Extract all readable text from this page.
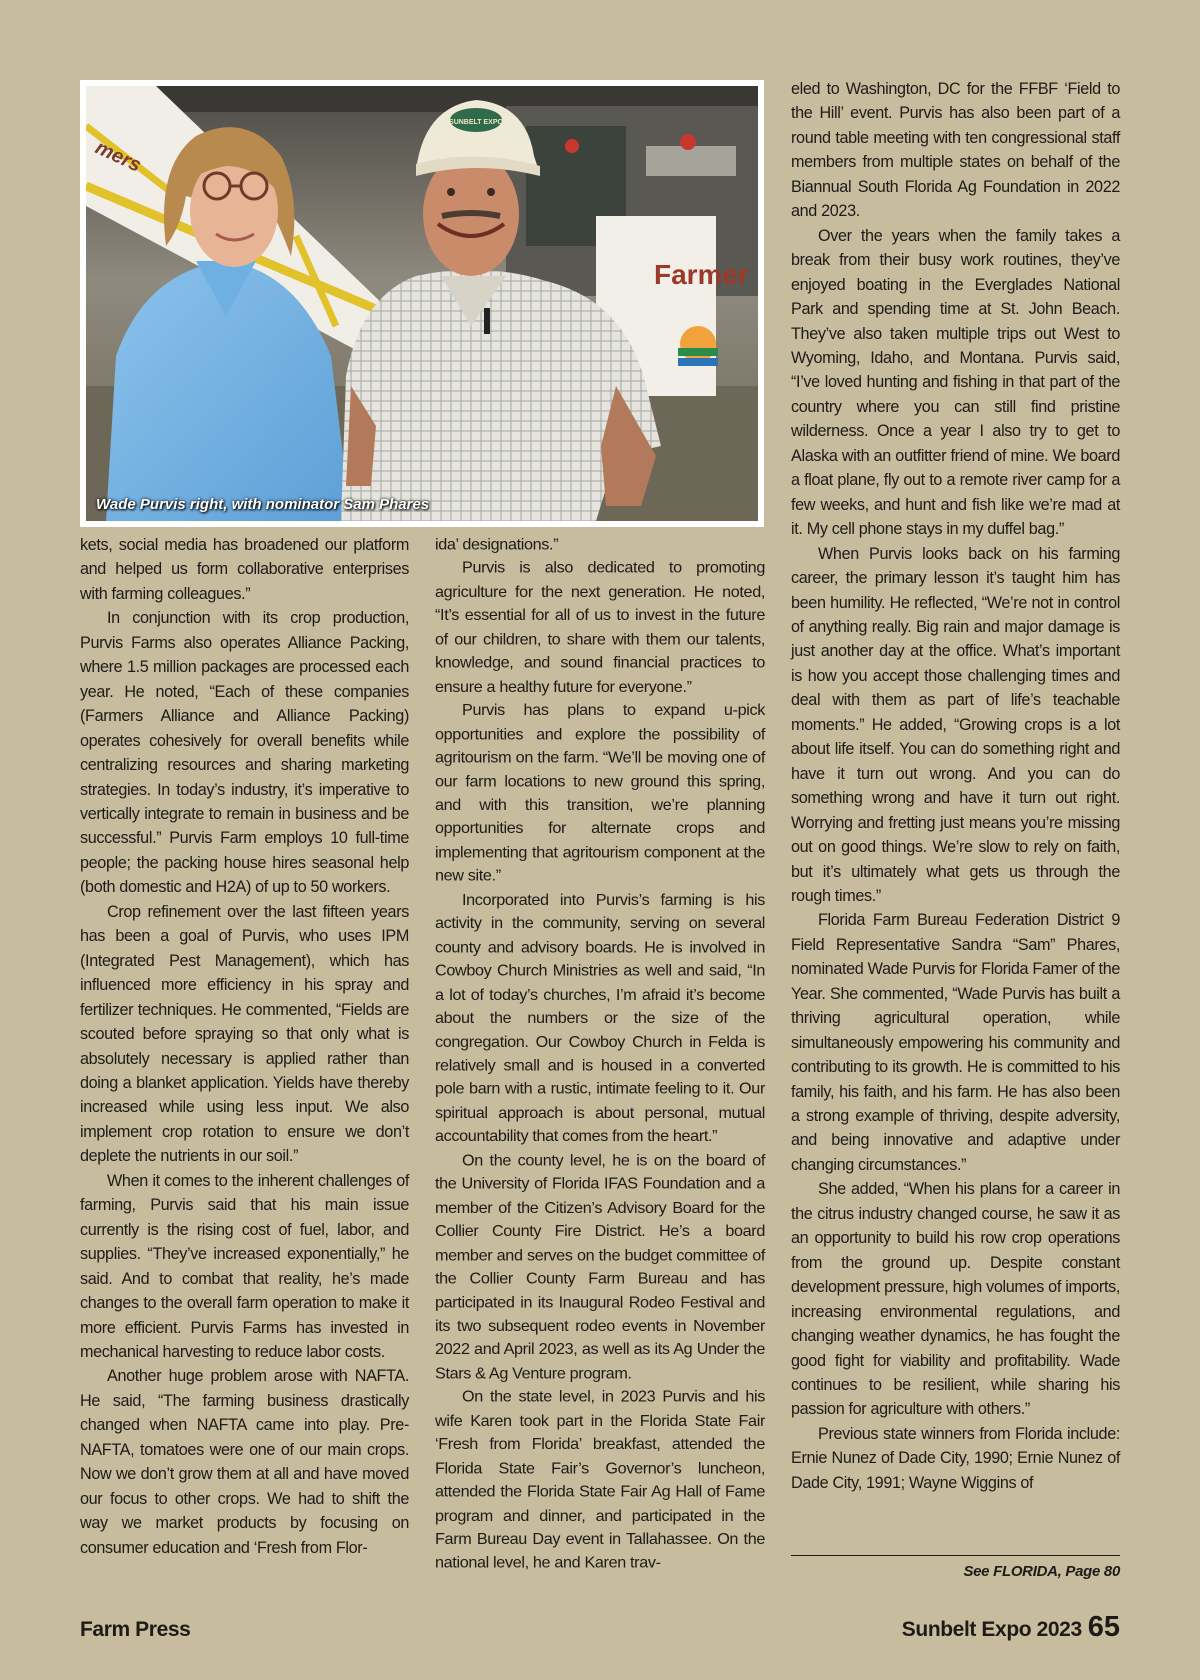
mers
Farmer
SUNBELT EXPO
Wade Purvis right, with nominator Sam Phares

kets, social media has broadened our platform and helped us form collaborative enterprises with farming colleagues.”

In conjunction with its crop production, Purvis Farms also operates Alliance Packing, where 1.5 million packages are processed each year. He noted, “Each of these companies (Farmers Alliance and Alliance Packing) operates cohesively for overall benefits while centralizing resources and sharing marketing strategies. In today’s industry, it’s imperative to vertically integrate to remain in business and be successful.” Purvis Farm employs 10 full-time people; the packing house hires seasonal help (both domestic and H2A) of up to 50 workers.

Crop refinement over the last fifteen years has been a goal of Purvis, who uses IPM (Integrated Pest Management), which has influenced more efficiency in his spray and fertilizer techniques. He commented, “Fields are scouted before spraying so that only what is absolutely necessary is applied rather than doing a blanket application. Yields have thereby increased while using less input. We also implement crop rotation to ensure we don’t deplete the nutrients in our soil.”

When it comes to the inherent challenges of farming, Purvis said that his main issue currently is the rising cost of fuel, labor, and supplies. “They’ve increased exponentially,” he said. And to combat that reality, he’s made changes to the overall farm operation to make it more efficient. Purvis Farms has invested in mechanical harvesting to reduce labor costs.

Another huge problem arose with NAFTA. He said, “The farming business drastically changed when NAFTA came into play. Pre-NAFTA, tomatoes were one of our main crops. Now we don’t grow them at all and have moved our focus to other crops. We had to shift the way we market products by focusing on consumer education and ‘Fresh from Flor-

ida’ designations.”

Purvis is also dedicated to promoting agriculture for the next generation. He noted, “It’s essential for all of us to invest in the future of our children, to share with them our talents, knowledge, and sound financial practices to ensure a healthy future for everyone.”

Purvis has plans to expand u-pick opportunities and explore the possibility of agritourism on the farm. “We’ll be moving one of our farm locations to new ground this spring, and with this transition, we’re planning opportunities for alternate crops and implementing that agritourism component at the new site.”

Incorporated into Purvis’s farming is his activity in the community, serving on several county and advisory boards. He is involved in Cowboy Church Ministries as well and said, “In a lot of today’s churches, I’m afraid it’s become about the numbers or the size of the congregation. Our Cowboy Church in Felda is relatively small and is housed in a converted pole barn with a rustic, intimate feeling to it. Our spiritual approach is about personal, mutual accountability that comes from the heart.”

On the county level, he is on the board of the University of Florida IFAS Foundation and a member of the Citizen’s Advisory Board for the Collier County Fire District. He’s a board member and serves on the budget committee of the Collier County Farm Bureau and has participated in its Inaugural Rodeo Festival and its two subsequent rodeo events in November 2022 and April 2023, as well as its Ag Under the Stars & Ag Venture program.

On the state level, in 2023 Purvis and his wife Karen took part in the Florida State Fair ‘Fresh from Florida’ breakfast, attended the Florida State Fair’s Governor’s luncheon, attended the Florida State Fair Ag Hall of Fame program and dinner, and participated in the Farm Bureau Day event in Tallahassee. On the national level, he and Karen trav-

eled to Washington, DC for the FFBF ‘Field to the Hill’ event. Purvis has also been part of a round table meeting with ten congressional staff members from multiple states on behalf of the Biannual South Florida Ag Foundation in 2022 and 2023.

Over the years when the family takes a break from their busy work routines, they’ve enjoyed boating in the Everglades National Park and spending time at St. John Beach. They’ve also taken multiple trips out West to Wyoming, Idaho, and Montana. Purvis said, “I’ve loved hunting and fishing in that part of the country where you can still find pristine wilderness. Once a year I also try to get to Alaska with an outfitter friend of mine. We board a float plane, fly out to a remote river camp for a few weeks, and hunt and fish like we’re mad at it. My cell phone stays in my duffel bag.”

When Purvis looks back on his farming career, the primary lesson it’s taught him has been humility. He reflected, “We’re not in control of anything really. Big rain and major damage is just another day at the office. What’s important is how you accept those challenging times and deal with them as part of life’s teachable moments.” He added, “Growing crops is a lot about life itself. You can do something right and have it turn out wrong. And you can do something wrong and have it turn out right. Worrying and fretting just means you’re missing out on good things. We’re slow to rely on faith, but it’s ultimately what gets us through the rough times.”

Florida Farm Bureau Federation District 9 Field Representative Sandra “Sam” Phares, nominated Wade Purvis for Florida Famer of the Year. She commented, “Wade Purvis has built a thriving agricultural operation, while simultaneously empowering his community and contributing to its growth. He is committed to his family, his faith, and his farm. He has also been a strong example of thriving, despite adversity, and being innovative and adaptive under changing circumstances.”

She added, “When his plans for a career in the citrus industry changed course, he saw it as an opportunity to build his row crop operations from the ground up. Despite constant development pressure, high volumes of imports, increasing environmental regulations, and changing weather dynamics, he has fought the good fight for viability and profitability. Wade continues to be resilient, while sharing his passion for agriculture with others.”

Previous state winners from Florida include: Ernie Nunez of Dade City, 1990; Ernie Nunez of Dade City, 1991; Wayne Wiggins of

See FLORIDA, Page 80
Farm Press	Sunbelt Expo 2023 65
